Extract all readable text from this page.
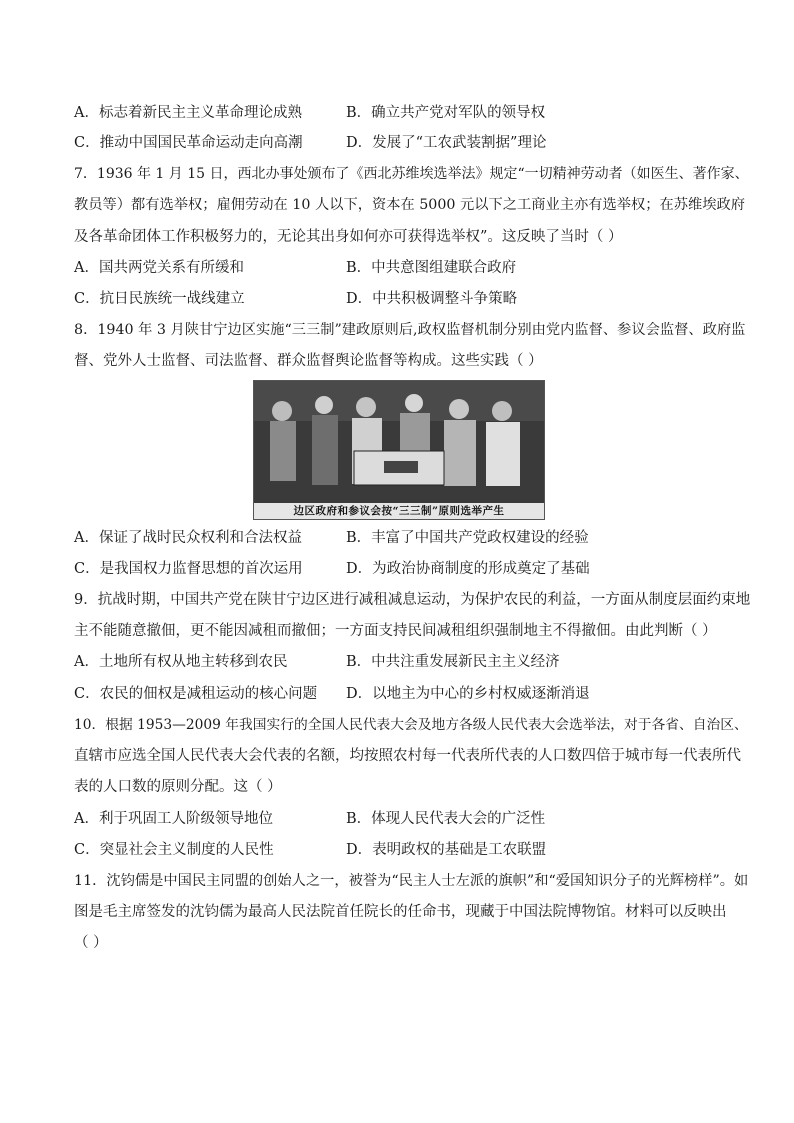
A．标志着新民主主义革命理论成熟	B．确立共产党对军队的领导权
C．推动中国国民革命运动走向高潮	D．发展了“工农武装割据”理论
7．1936 年 1 月 15 日，西北办事处颁布了《西北苏维埃选举法》规定“一切精神劳动者（如医生、著作家、
教员等）都有选举权；雇佣劳动在 10 人以下，资本在 5000 元以下之工商业主亦有选举权；在苏维埃政府
及各革命团体工作积极努力的，无论其出身如何亦可获得选举权”。这反映了当时（ ）
A．国共两党关系有所缓和	B．中共意图组建联合政府
C．抗日民族统一战线建立	D．中共积极调整斗争策略
8．1940 年 3 月陕甘宁边区实施“三三制”建政原则后,政权监督机制分别由党内监督、参议会监督、政府监
督、党外人士监督、司法监督、群众监督舆论监督等构成。这些实践（ ）
边区政府和参议会按“三三制”原则选举产生
A．保证了战时民众权利和合法权益	B．丰富了中国共产党政权建设的经验
C．是我国权力监督思想的首次运用	D．为政治协商制度的形成奠定了基础
9．抗战时期，中国共产党在陕甘宁边区进行减租减息运动，为保护农民的利益，一方面从制度层面约束地
主不能随意撤佃，更不能因减租而撤佃；一方面支持民间减租组织强制地主不得撤佃。由此判断（ ）
A．土地所有权从地主转移到农民	B．中共注重发展新民主主义经济
C．农民的佃权是减租运动的核心问题 D．以地主为中心的乡村权威逐渐消退
10．根据 1953—2009 年我国实行的全国人民代表大会及地方各级人民代表大会选举法，对于各省、自治区、
直辖市应选全国人民代表大会代表的名额，均按照农村每一代表所代表的人口数四倍于城市每一代表所代
表的人口数的原则分配。这（ ）
A．利于巩固工人阶级领导地位	B．体现人民代表大会的广泛性
C．突显社会主义制度的人民性	D．表明政权的基础是工农联盟
11．沈钧儒是中国民主同盟的创始人之一，被誉为“民主人士左派的旗帜”和“爱国知识分子的光辉榜样”。如
图是毛主席签发的沈钧儒为最高人民法院首任院长的任命书，现藏于中国法院博物馆。材料可以反映出
（ ）
